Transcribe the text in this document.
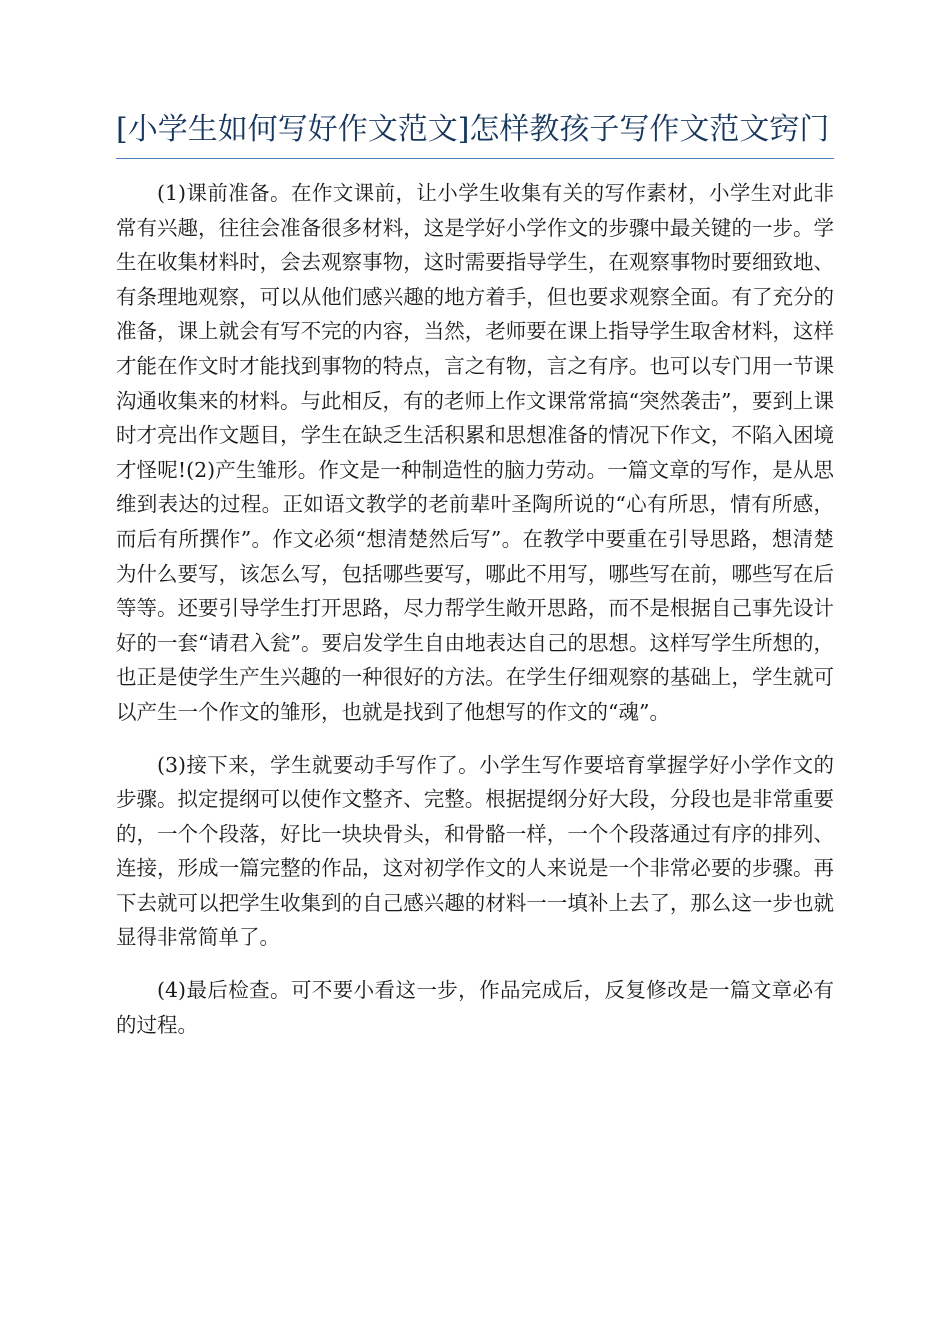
[小学生如何写好作文范文]怎样教孩子写作文范文窍门

(1)课前准备。在作文课前，让小学生收集有关的写作素材，小学生对此非常有兴趣，往往会准备很多材料，这是学好小学作文的步骤中最关键的一步。学生在收集材料时，会去观察事物，这时需要指导学生，在观察事物时要细致地、有条理地观察，可以从他们感兴趣的地方着手，但也要求观察全面。有了充分的准备，课上就会有写不完的内容，当然，老师要在课上指导学生取舍材料，这样才能在作文时才能找到事物的特点，言之有物，言之有序。也可以专门用一节课沟通收集来的材料。与此相反，有的老师上作文课常常搞“突然袭击”，要到上课时才亮出作文题目，学生在缺乏生活积累和思想准备的情况下作文，不陷入困境才怪呢!(2)产生雏形。作文是一种制造性的脑力劳动。一篇文章的写作，是从思维到表达的过程。正如语文教学的老前辈叶圣陶所说的“心有所思，情有所感，而后有所撰作”。作文必须“想清楚然后写”。在教学中要重在引导思路，想清楚为什么要写，该怎么写，包括哪些要写，哪此不用写，哪些写在前，哪些写在后等等。还要引导学生打开思路，尽力帮学生敞开思路，而不是根据自己事先设计好的一套“请君入瓮”。要启发学生自由地表达自己的思想。这样写学生所想的，也正是使学生产生兴趣的一种很好的方法。在学生仔细观察的基础上，学生就可以产生一个作文的雏形，也就是找到了他想写的作文的“魂”。

(3)接下来，学生就要动手写作了。小学生写作要培育掌握学好小学作文的步骤。拟定提纲可以使作文整齐、完整。根据提纲分好大段，分段也是非常重要的，一个个段落，好比一块块骨头，和骨骼一样，一个个段落通过有序的排列、连接，形成一篇完整的作品，这对初学作文的人来说是一个非常必要的步骤。再下去就可以把学生收集到的自己感兴趣的材料一一填补上去了，那么这一步也就显得非常简单了。

(4)最后检查。可不要小看这一步，作品完成后，反复修改是一篇文章必有的过程。
